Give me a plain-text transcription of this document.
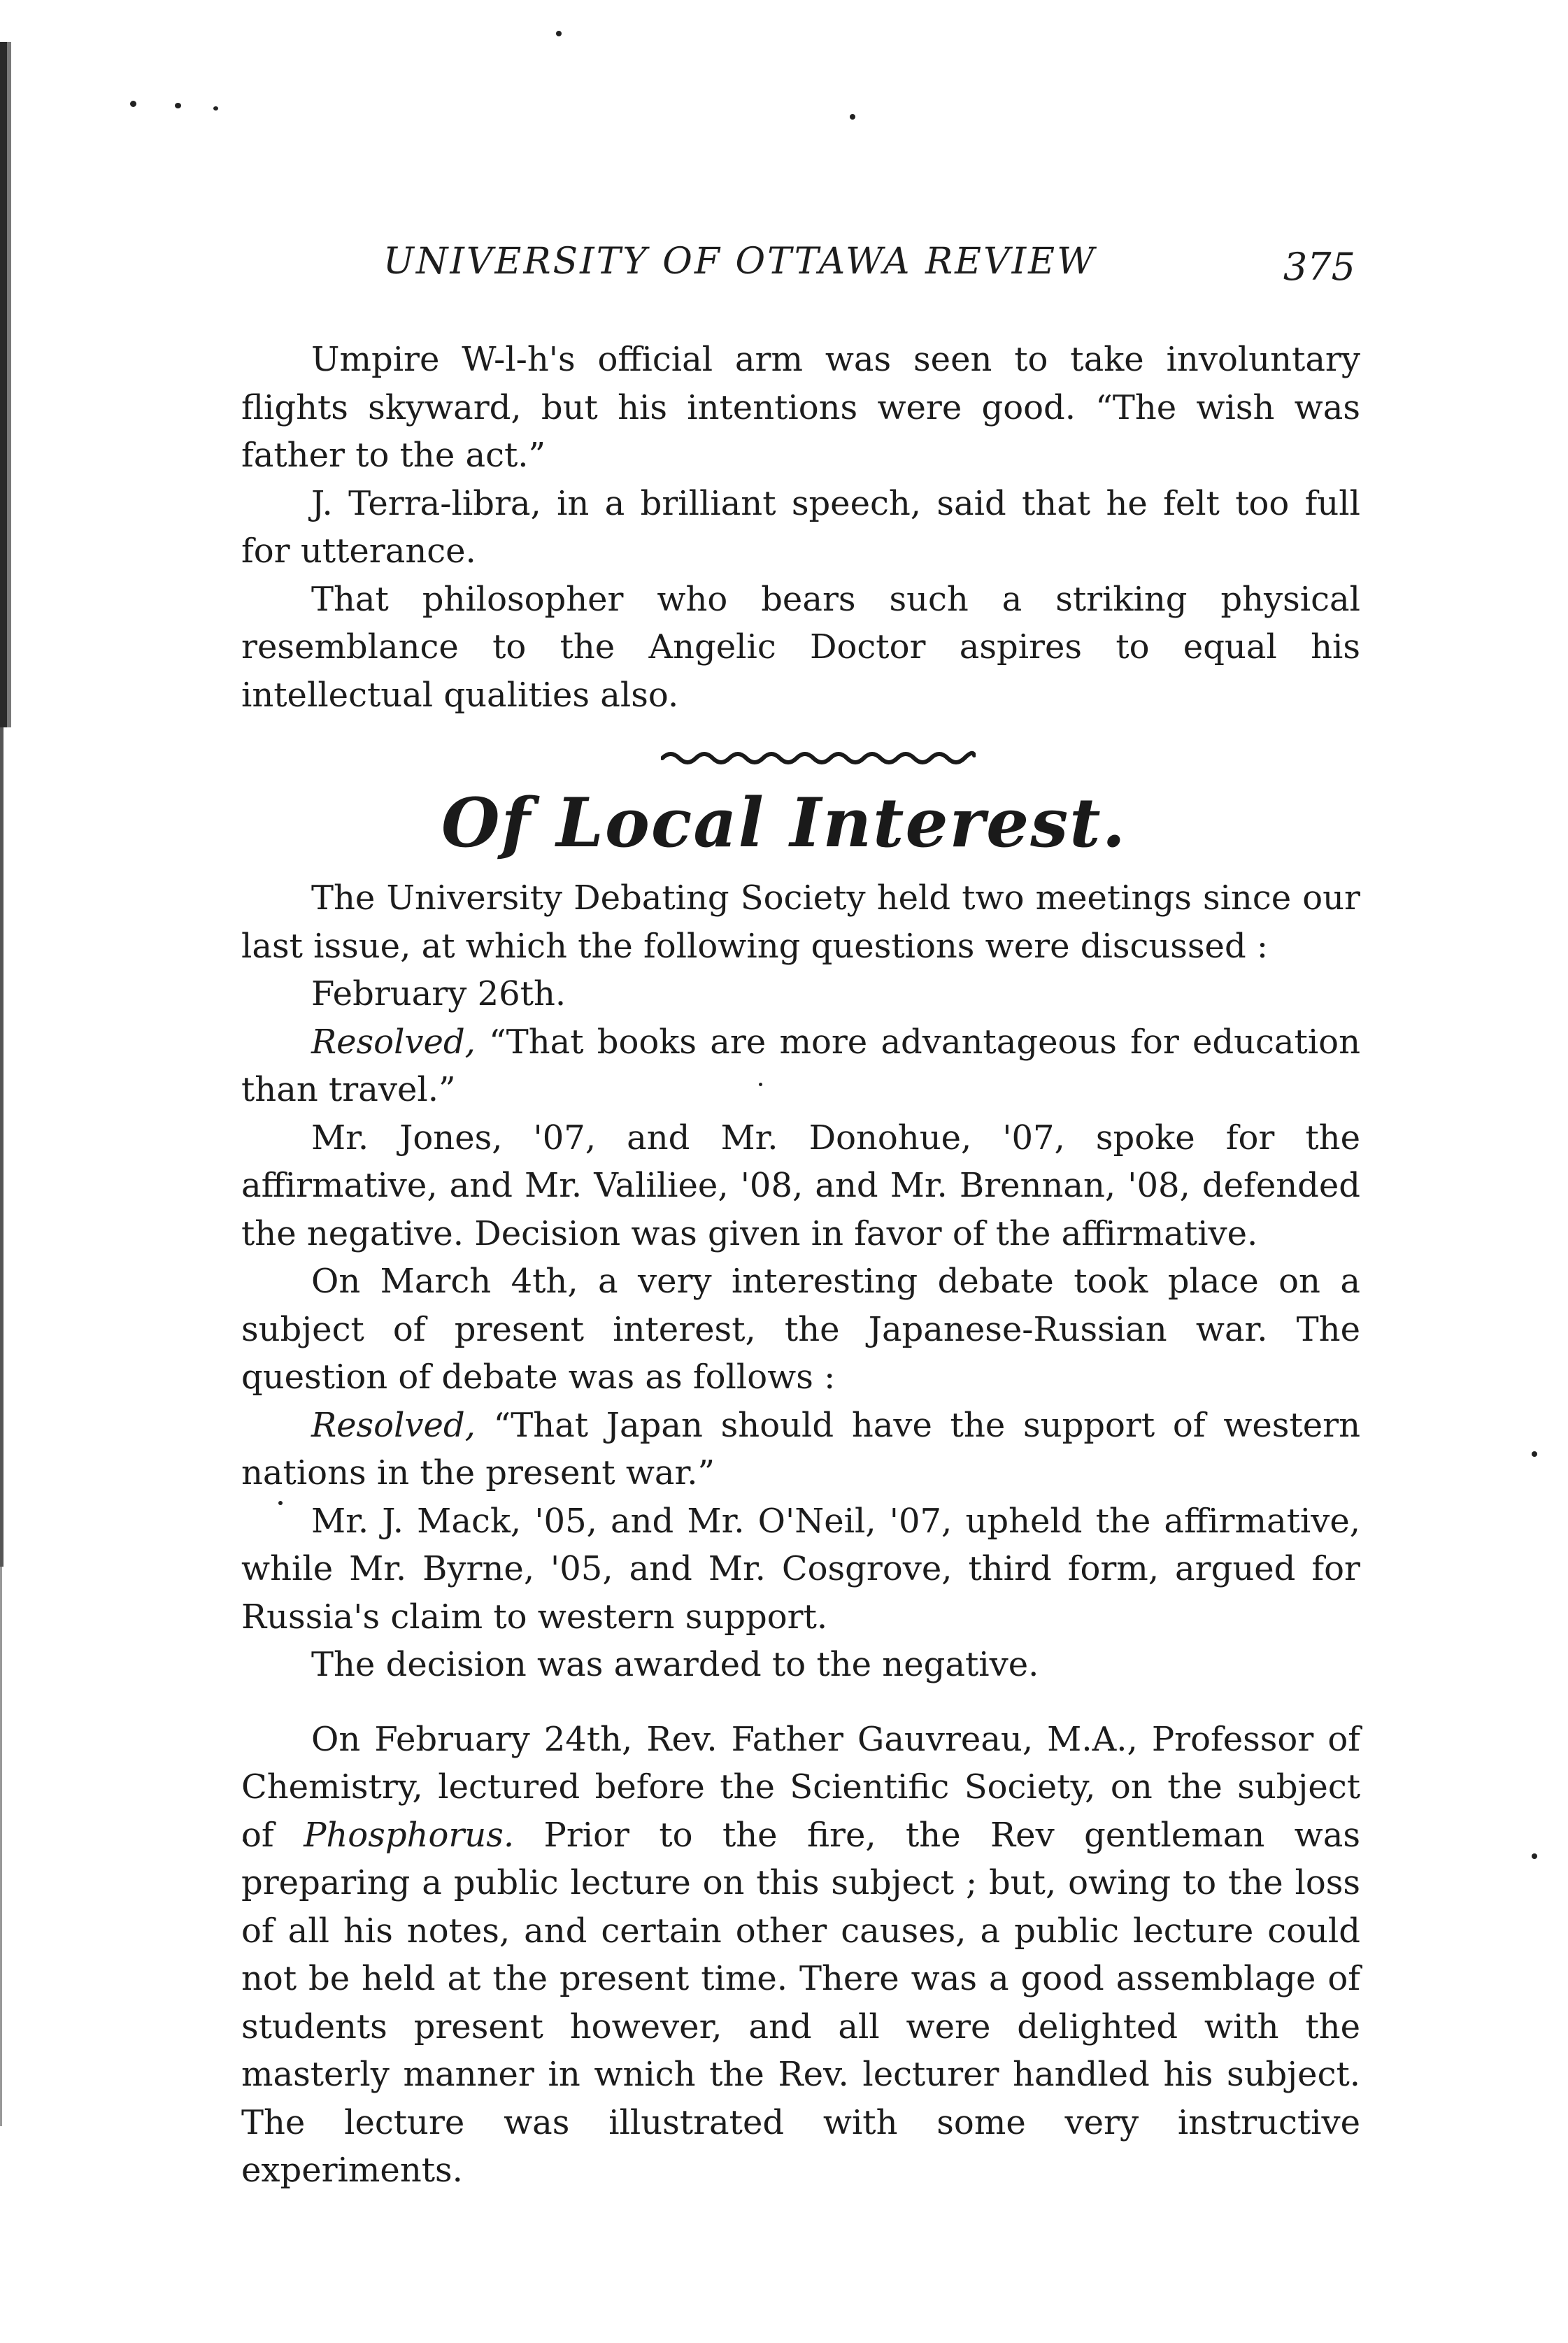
UNIVERSITY OF OTTAWA REVIEW	375

Umpire W-l-h's official arm was seen to take involuntary flights skyward, but his intentions were good. “The wish was father to the act.”

J. Terra-libra, in a brilliant speech, said that he felt too full for utterance.

That philosopher who bears such a striking physical resemblance to the Angelic Doctor aspires to equal his intellectual qualities also.

Of Local Interest.

The University Debating Society held two meetings since our last issue, at which the following questions were discussed :

February 26th.

Resolved, “That books are more advantageous for education than travel.”

Mr. Jones, '07, and Mr. Donohue, '07, spoke for the affirmative, and Mr. Valiliee, '08, and Mr. Brennan, '08, defended the negative. Decision was given in favor of the affirmative.

On March 4th, a very interesting debate took place on a subject of present interest, the Japanese-Russian war. The question of debate was as follows :

Resolved, “That Japan should have the support of western nations in the present war.”

Mr. J. Mack, '05, and Mr. O'Neil, '07, upheld the affirmative, while Mr. Byrne, '05, and Mr. Cosgrove, third form, argued for Russia's claim to western support.

The decision was awarded to the negative.

On February 24th, Rev. Father Gauvreau, M.A., Professor of Chemistry, lectured before the Scientific Society, on the subject of Phosphorus. Prior to the fire, the Rev gentleman was preparing a public lecture on this subject ; but, owing to the loss of all his notes, and certain other causes, a public lecture could not be held at the present time. There was a good assemblage of students present however, and all were delighted with the masterly manner in wnich the Rev. lecturer handled his subject. The lecture was illustrated with some very instructive experiments.
